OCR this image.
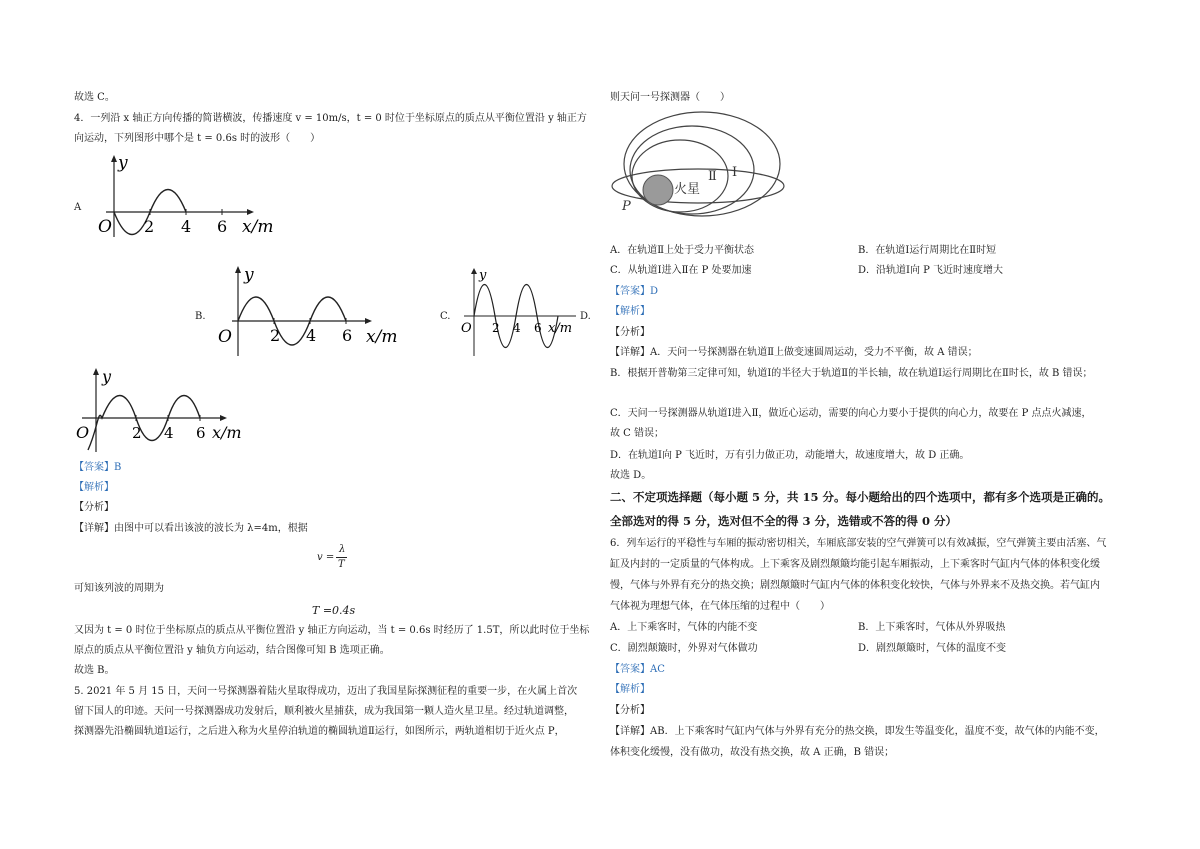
故选 C。
4．一列沿 x 轴正方向传播的简谐横波，传播速度 v = 10m/s，t = 0 时位于坐标原点的质点从平衡位置沿 y 轴正方
向运动，下列图形中哪个是 t = 0.6s 时的波形（　　）
A
y
O 2 4 6 x/m
B.
y
O 2 4 6 x/m
C.	D.
y
O 2 4 6 x/m
y
O	2 4 6 x/m
【答案】B
【解析】
【分析】
【详解】由图中可以看出该波的波长为 λ=4m，根据
v =
λ
T
可知该列波的周期为
T =0.4s
又因为 t = 0 时位于坐标原点的质点从平衡位置沿 y 轴正方向运动，当 t = 0.6s 时经历了 1.5T，所以此时位于坐标
原点的质点从平衡位置沿 y 轴负方向运动，结合图像可知 B 选项正确。
故选 B。
5. 2021 年 5 月 15 日，天问一号探测器着陆火星取得成功，迈出了我国星际探测征程的重要一步，在火属上首次
留下国人的印迹。天问一号探测器成功发射后，顺利被火星捕获，成为我国第一颗人造火星卫星。经过轨道调整，
探测器先沿椭圆轨道Ⅰ运行，之后进入称为火星停泊轨道的椭圆轨道Ⅱ运行，如图所示，两轨道相切于近火点 P，
则天问一号探测器（　　）
火星
Ⅱ Ⅰ
P
A．在轨道Ⅱ上处于受力平衡状态	B．在轨道Ⅰ运行周期比在Ⅱ时短
C．从轨道Ⅰ进入Ⅱ在 P 处要加速	D．沿轨道Ⅰ向 P 飞近时速度增大
【答案】D
【解析】
【分析】
【详解】A．天问一号探测器在轨道Ⅱ上做变速圆周运动，受力不平衡，故 A 错误；
B．根据开普勒第三定律可知，轨道Ⅰ的半径大于轨道Ⅱ的半长轴，故在轨道Ⅰ运行周期比在Ⅱ时长，故 B 错误；
C．天问一号探测器从轨道Ⅰ进入Ⅱ，做近心运动，需要的向心力要小于提供的向心力，故要在 P 点点火减速，
故 C 错误；
D．在轨道Ⅰ向 P 飞近时，万有引力做正功，动能增大，故速度增大，故 D 正确。
故选 D。
二、不定项选择题（每小题 5 分，共 15 分。每小题给出的四个选项中，都有多个选项是正确的。
全部选对的得 5 分，选对但不全的得 3 分，选错或不答的得 0 分）
6．列车运行的平稳性与车厢的振动密切相关，车厢底部安装的空气弹簧可以有效减振，空气弹簧主要由活塞、气
缸及内封的一定质量的气体构成。上下乘客及剧烈颠簸均能引起车厢振动，上下乘客时气缸内气体的体积变化缓
慢，气体与外界有充分的热交换；剧烈颠簸时气缸内气体的体积变化较快，气体与外界来不及热交换。若气缸内
气体视为理想气体，在气体压缩的过程中（　　）
A．上下乘客时，气体的内能不变	B．上下乘客时，气体从外界吸热
C．剧烈颠簸时，外界对气体做功	D．剧烈颠簸时，气体的温度不变
【答案】AC
【解析】
【分析】
【详解】AB．上下乘客时气缸内气体与外界有充分的热交换，即发生等温变化，温度不变，故气体的内能不变，
体积变化缓慢，没有做功，故没有热交换，故 A 正确，B 错误；
